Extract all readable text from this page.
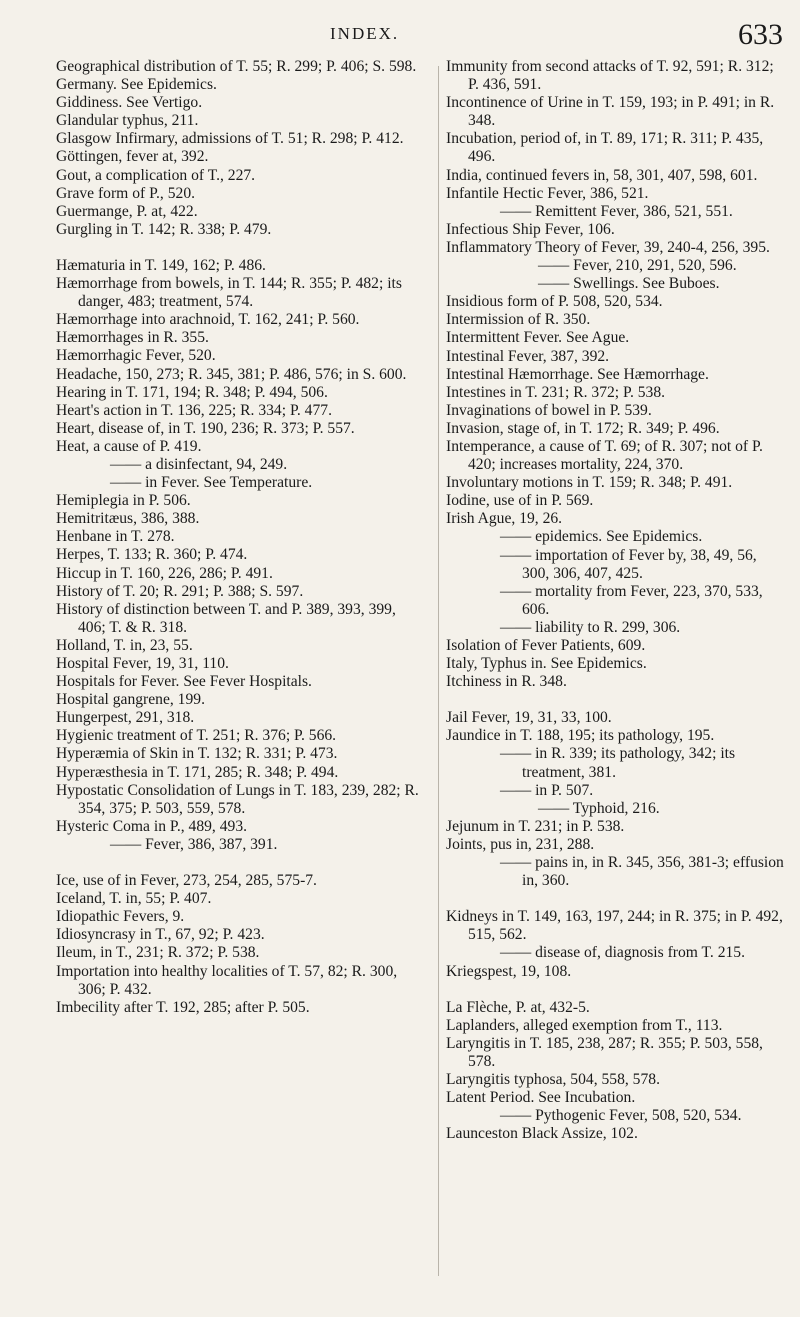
INDEX.	633

Geographical distribution of T. 55; R. 299; P. 406; S. 598.

Germany. See Epidemics.

Giddiness. See Vertigo.

Glandular typhus, 211.

Glasgow Infirmary, admissions of T. 51; R. 298; P. 412.

Göttingen, fever at, 392.

Gout, a complication of T., 227.

Grave form of P., 520.

Guermange, P. at, 422.

Gurgling in T. 142; R. 338; P. 479.

Hæmaturia in T. 149, 162; P. 486.

Hæmorrhage from bowels, in T. 144; R. 355; P. 482; its danger, 483; treatment, 574.

Hæmorrhage into arachnoid, T. 162, 241; P. 560.

Hæmorrhages in R. 355.

Hæmorrhagic Fever, 520.

Headache, 150, 273; R. 345, 381; P. 486, 576; in S. 600.

Hearing in T. 171, 194; R. 348; P. 494, 506.

Heart's action in T. 136, 225; R. 334; P. 477.

Heart, disease of, in T. 190, 236; R. 373; P. 557.

Heat, a cause of P. 419.

—— a disinfectant, 94, 249.

—— in Fever. See Temperature.

Hemiplegia in P. 506.

Hemitritæus, 386, 388.

Henbane in T. 278.

Herpes, T. 133; R. 360; P. 474.

Hiccup in T. 160, 226, 286; P. 491.

History of T. 20; R. 291; P. 388; S. 597.

History of distinction between T. and P. 389, 393, 399, 406; T. & R. 318.

Holland, T. in, 23, 55.

Hospital Fever, 19, 31, 110.

Hospitals for Fever. See Fever Hospitals.

Hospital gangrene, 199.

Hungerpest, 291, 318.

Hygienic treatment of T. 251; R. 376; P. 566.

Hyperæmia of Skin in T. 132; R. 331; P. 473.

Hyperæsthesia in T. 171, 285; R. 348; P. 494.

Hypostatic Consolidation of Lungs in T. 183, 239, 282; R. 354, 375; P. 503, 559, 578.

Hysteric Coma in P., 489, 493.

—— Fever, 386, 387, 391.

Ice, use of in Fever, 273, 254, 285, 575-7.

Iceland, T. in, 55; P. 407.

Idiopathic Fevers, 9.

Idiosyncrasy in T., 67, 92; P. 423.

Ileum, in T., 231; R. 372; P. 538.

Importation into healthy localities of T. 57, 82; R. 300, 306; P. 432.

Imbecility after T. 192, 285; after P. 505.

Immunity from second attacks of T. 92, 591; R. 312; P. 436, 591.

Incontinence of Urine in T. 159, 193; in P. 491; in R. 348.

Incubation, period of, in T. 89, 171; R. 311; P. 435, 496.

India, continued fevers in, 58, 301, 407, 598, 601.

Infantile Hectic Fever, 386, 521.

—— Remittent Fever, 386, 521, 551.

Infectious Ship Fever, 106.

Inflammatory Theory of Fever, 39, 240-4, 256, 395.

—— Fever, 210, 291, 520, 596.

—— Swellings. See Buboes.

Insidious form of P. 508, 520, 534.

Intermission of R. 350.

Intermittent Fever. See Ague.

Intestinal Fever, 387, 392.

Intestinal Hæmorrhage. See Hæmorrhage.

Intestines in T. 231; R. 372; P. 538.

Invaginations of bowel in P. 539.

Invasion, stage of, in T. 172; R. 349; P. 496.

Intemperance, a cause of T. 69; of R. 307; not of P. 420; increases mortality, 224, 370.

Involuntary motions in T. 159; R. 348; P. 491.

Iodine, use of in P. 569.

Irish Ague, 19, 26.

—— epidemics. See Epidemics.

—— importation of Fever by, 38, 49, 56, 300, 306, 407, 425.

—— mortality from Fever, 223, 370, 533, 606.

—— liability to R. 299, 306.

Isolation of Fever Patients, 609.

Italy, Typhus in. See Epidemics.

Itchiness in R. 348.

Jail Fever, 19, 31, 33, 100.

Jaundice in T. 188, 195; its pathology, 195.

—— in R. 339; its pathology, 342; its treatment, 381.

—— in P. 507.

—— Typhoid, 216.

Jejunum in T. 231; in P. 538.

Joints, pus in, 231, 288.

—— pains in, in R. 345, 356, 381-3; effusion in, 360.

Kidneys in T. 149, 163, 197, 244; in R. 375; in P. 492, 515, 562.

—— disease of, diagnosis from T. 215.

Kriegspest, 19, 108.

La Flèche, P. at, 432-5.

Laplanders, alleged exemption from T., 113.

Laryngitis in T. 185, 238, 287; R. 355; P. 503, 558, 578.

Laryngitis typhosa, 504, 558, 578.

Latent Period. See Incubation.

—— Pythogenic Fever, 508, 520, 534.

Launceston Black Assize, 102.
